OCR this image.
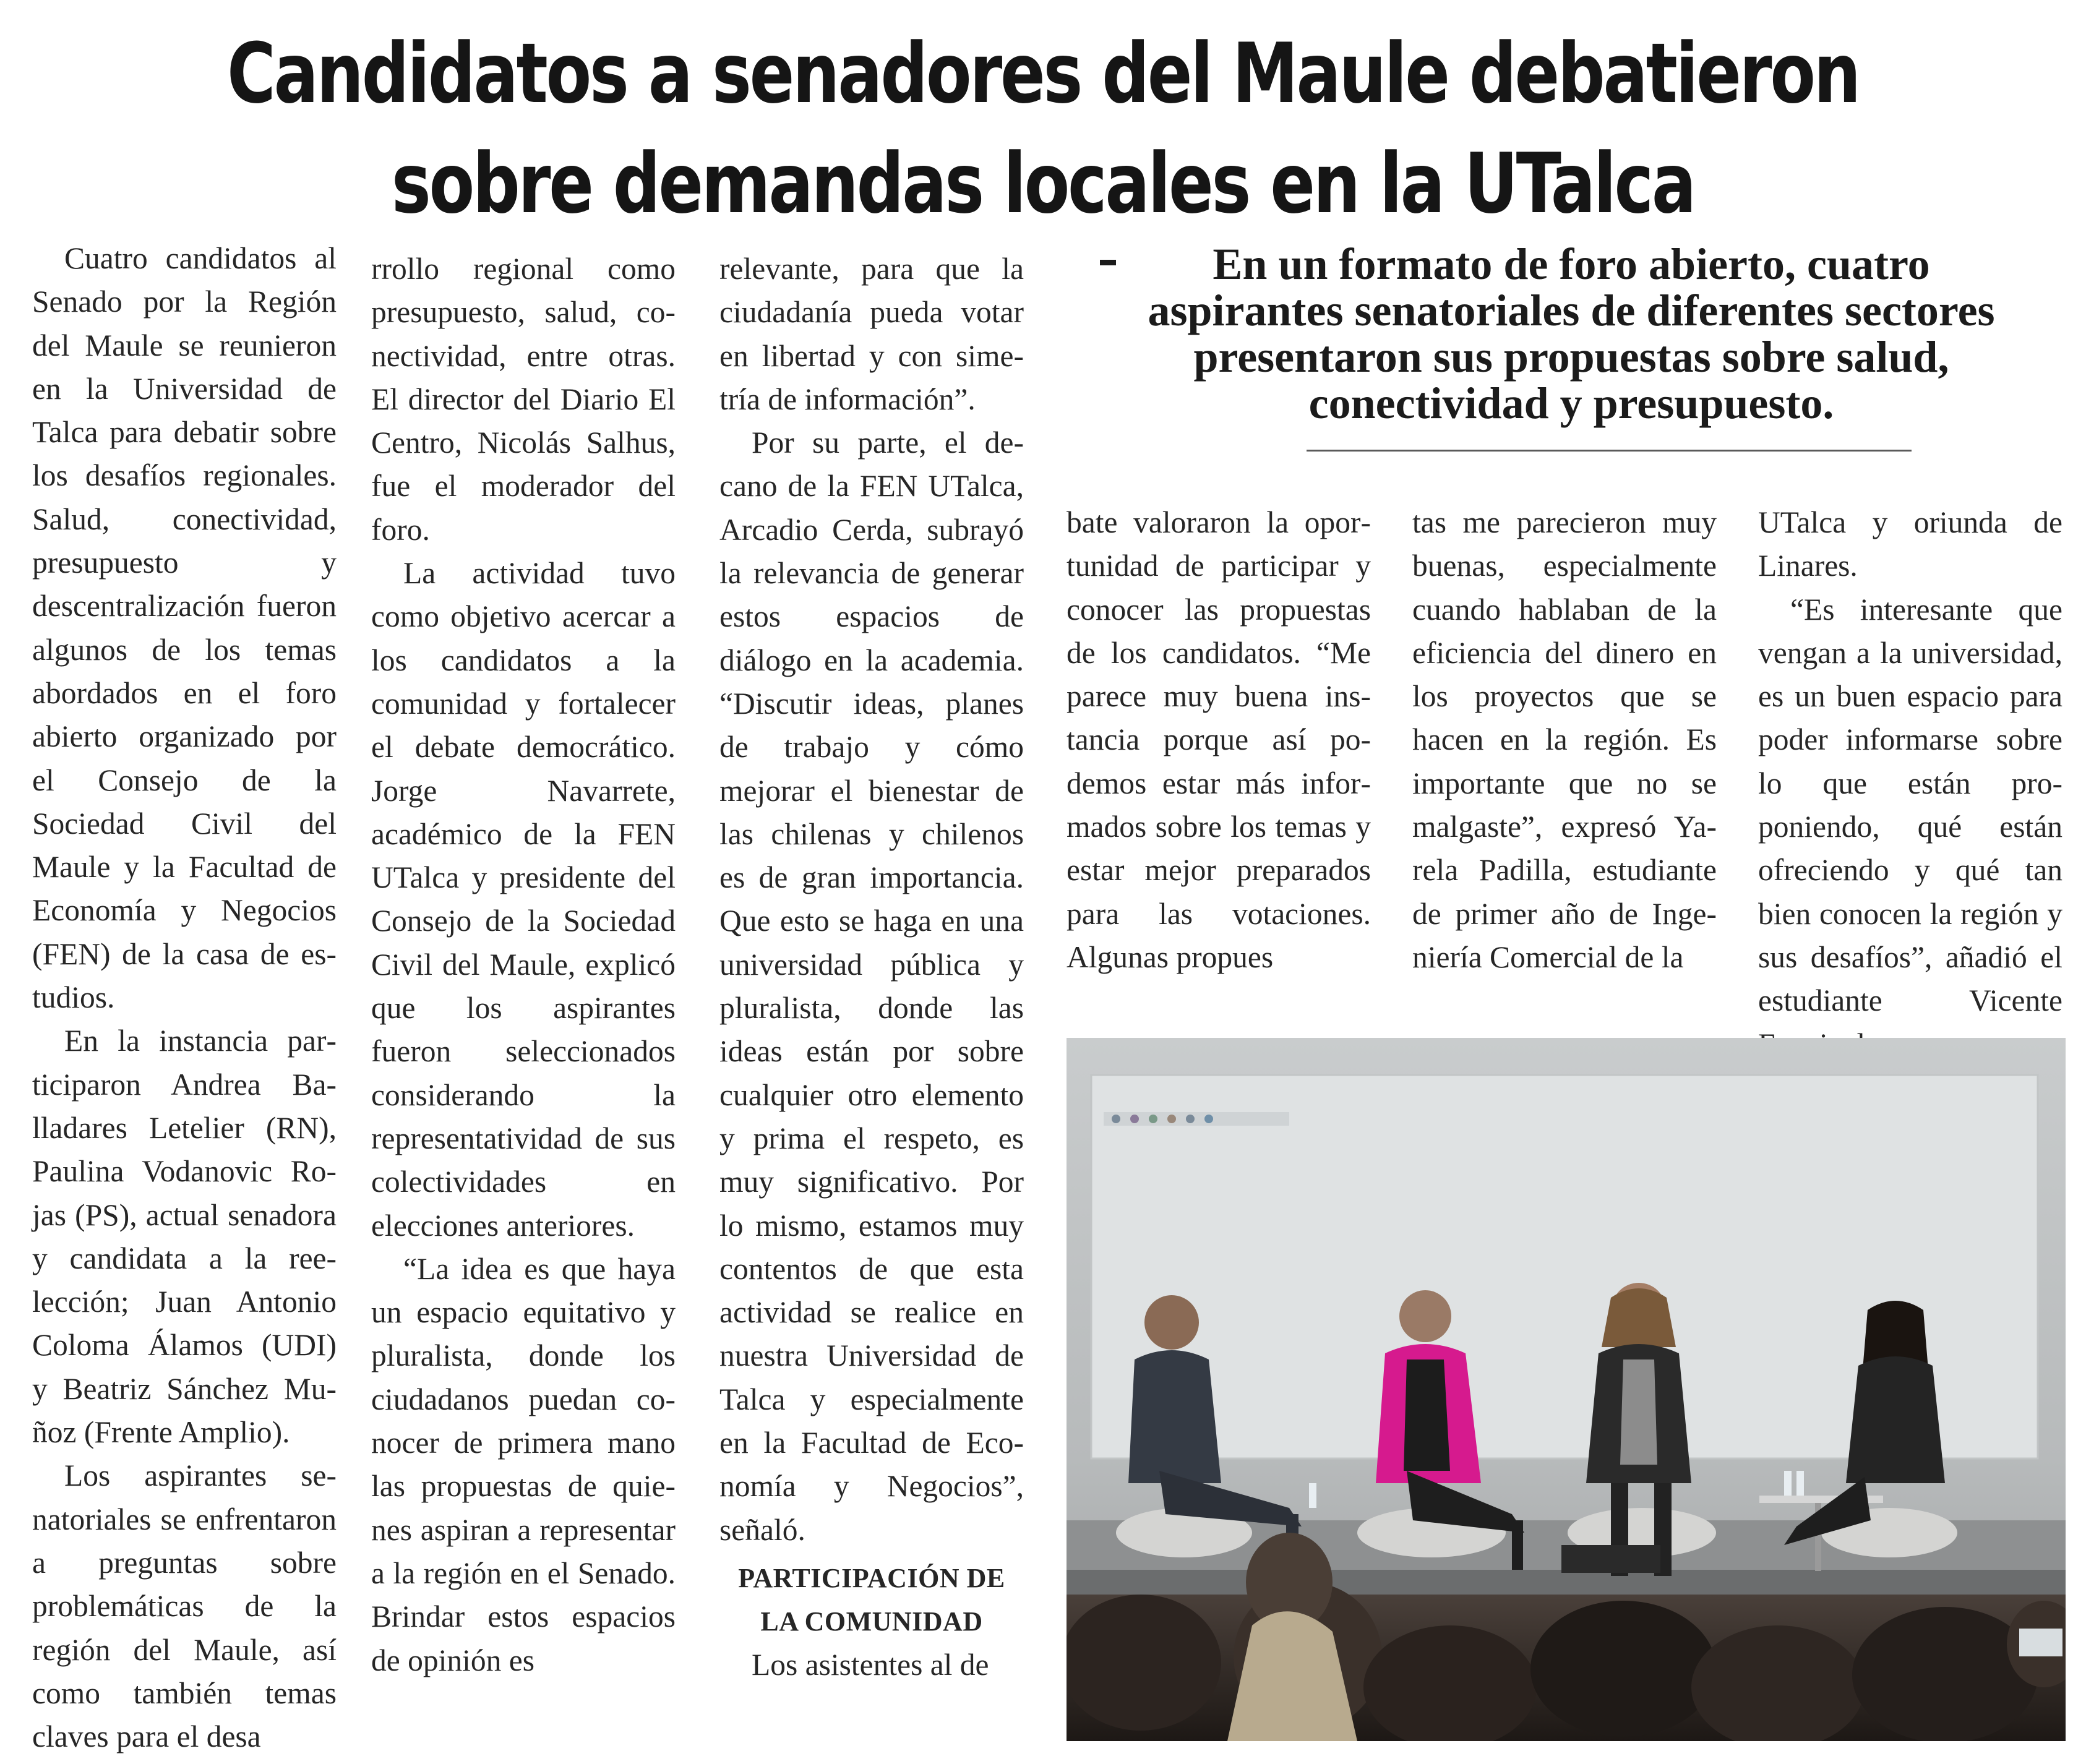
Candidatos a senadores del Maule debatieron
sobre demandas locales en la UTalca

Cuatro candidatos al Senado por la Región del Maule se reunieron en la Universidad de Talca para debatir sobre los desafíos regionales. Salud, conectividad, presupuesto y descentralización fueron algunos de los temas abordados en el foro abierto organizado por el Consejo de la Sociedad Civil del Maule y la Facultad de Economía y Negocios (FEN) de la casa de estudios.

En la instancia participaron Andrea Balladares Letelier (RN), Paulina Vodanovic Rojas (PS), actual senadora y candidata a la reelección; Juan Antonio Coloma Álamos (UDI) y Beatriz Sánchez Muñoz (Frente Amplio).

Los aspirantes senatoriales se enfrentaron a preguntas sobre problemáticas de la región del Maule, así como también temas claves para el desa

rrollo regional como presupuesto, salud, conectividad, entre otras. El director del Diario El Centro, Nicolás Salhus, fue el moderador del foro.

La actividad tuvo como objetivo acercar a los candidatos a la comunidad y fortalecer el debate democrático. Jorge Navarrete, académico de la FEN UTalca y presidente del Consejo de la Sociedad Civil del Maule, explicó que los aspirantes fueron seleccionados considerando la representatividad de sus colectividades en elecciones anteriores.

“La idea es que haya un espacio equitativo y pluralista, donde los ciudadanos puedan conocer de primera mano las propuestas de quienes aspiran a representar a la región en el Senado. Brindar estos espacios de opinión es

relevante, para que la ciudadanía pueda votar en libertad y con simetría de información”.

Por su parte, el decano de la FEN UTalca, Arcadio Cerda, subrayó la relevancia de generar estos espacios de diálogo en la academia. “Discutir ideas, planes de trabajo y cómo mejorar el bienestar de las chilenas y chilenos es de gran importancia. Que esto se haga en una universidad pública y pluralista, donde las ideas están por sobre cualquier otro elemento y prima el respeto, es muy significativo. Por lo mismo, estamos muy contentos de que esta actividad se realice en nuestra Universidad de Talca y especialmente en la Facultad de Economía y Negocios”, señaló.

PARTICIPACIÓN DE LA COMUNIDAD

Los asistentes al de

En un formato de foro abierto, cuatro
aspirantes senatoriales de diferentes sectores
presentaron sus propuestas sobre salud,
conectividad y presupuesto.

bate valoraron la oportunidad de participar y conocer las propuestas de los candidatos. “Me parece muy buena instancia porque así podemos estar más informados sobre los temas y estar mejor preparados para las votaciones. Algunas propues

tas me parecieron muy buenas, especialmente cuando hablaban de la eficiencia del dinero en los proyectos que se hacen en la región. Es importante que no se malgaste”, expresó Yarela Padilla, estudiante de primer año de Ingeniería Comercial de la

UTalca y oriunda de Linares.

“Es interesante que vengan a la universidad, es un buen espacio para poder informarse sobre lo que están proponiendo, qué están ofreciendo y qué tan bien conocen la región y sus desafíos”, añadió el estudiante Vicente
